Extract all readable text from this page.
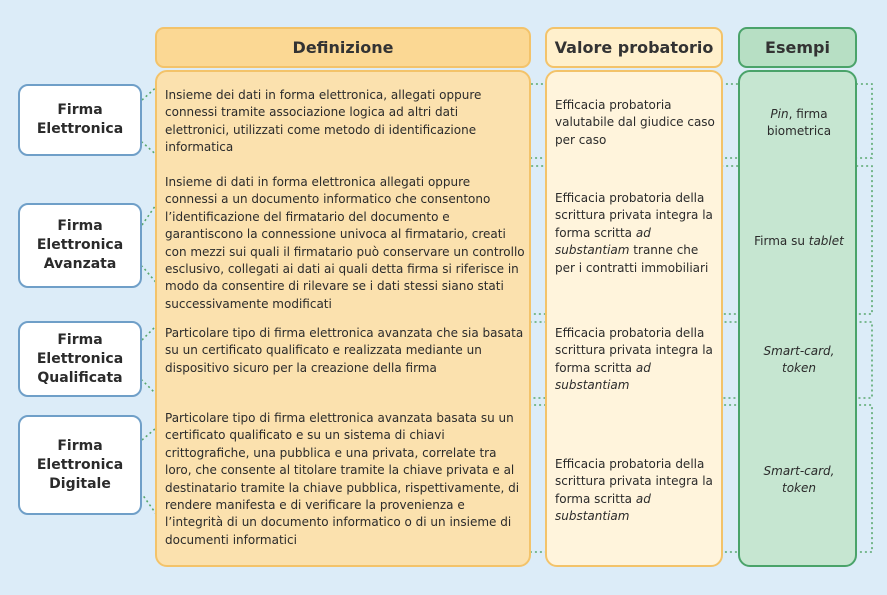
Definizione	Valore probatorio	Esempi
Firma
Elettronica
Firma
Elettronica
Avanzata
Firma
Elettronica
Qualificata
Firma
Elettronica
Digitale
Insieme dei dati in forma elettronica, allegati oppure connessi tramite associazione logica ad altri dati elettronici, utilizzati come metodo di identificazione informatica
Insieme di dati in forma elettronica allegati oppure connessi a un documento informatico che consentono l’identificazione del firmatario del documento e garantiscono la connessione univoca al firmatario, creati con mezzi sui quali il firmatario può conservare un controllo esclusivo, collegati ai dati ai quali detta firma si riferisce in modo da consentire di rilevare se i dati stessi siano stati successivamente modificati
Particolare tipo di firma elettronica avanzata che sia basata su un certificato qualificato e realizzata mediante un dispositivo sicuro per la creazione della firma
Particolare tipo di firma elettronica avanzata basata su un certificato qualificato e su un sistema di chiavi crittografiche, una pubblica e una privata, correlate tra loro, che consente al titolare tramite la chiave privata e al destinatario tramite la chiave pubblica, rispettivamente, di rendere manifesta e di verificare la provenienza e l’integrità di un documento informatico o di un insieme di documenti informatici
Efficacia probatoria valutabile dal giudice caso per caso
Efficacia probatoria della scrittura privata integra la forma scritta ad substantiam tranne che per i contratti immobiliari
Efficacia probatoria della scrittura privata integra la forma scritta ad substantiam
Efficacia probatoria della scrittura privata integra la forma scritta ad substantiam
Pin, firma biometrica
Firma su tablet
Smart-card, token
Smart-card, token
